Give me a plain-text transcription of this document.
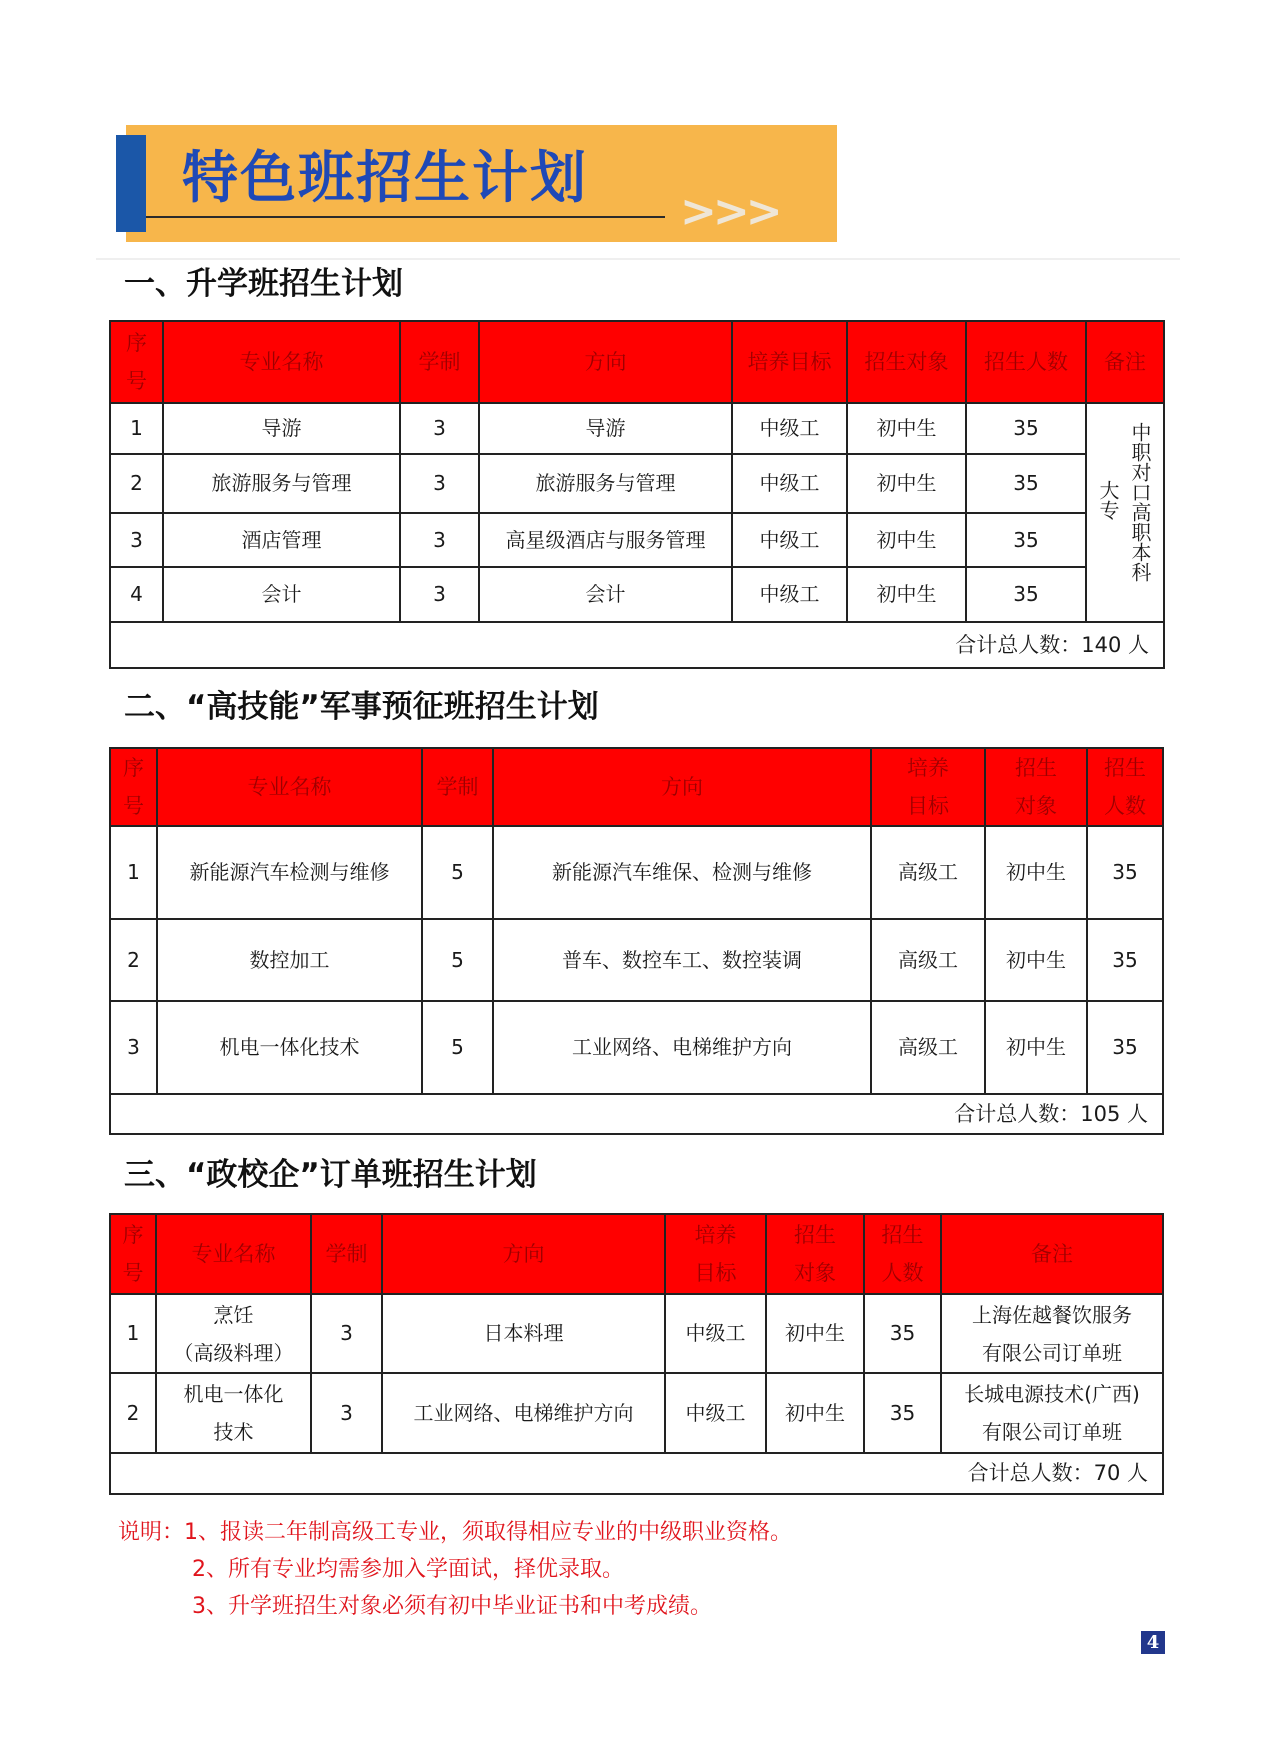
特色班招生计划
>>>
一、升学班招生计划
序
号	专业名称	学制	方向	培养目标	招生对象	招生人数	备注
1	导游	3	导游	中级工	初中生	35	大专 中职对口高职本科

2	旅游服务与管理	3	旅游服务与管理	中级工	初中生	35	
3	酒店管理	3	高星级酒店与服务管理	中级工	初中生	35	
4	会计	3	会计	中级工	初中生	35	
合计总人数：140 人							
二、“高技能”军事预征班招生计划
序
号	专业名称	学制	方向	培养
目标	招生
对象	招生
人数

1	新能源汽车检测与维修	5	新能源汽车维保、检测与维修	高级工	初中生	35
2	数控加工	5	普车、数控车工、数控装调	高级工	初中生	35
3	机电一体化技术	5	工业网络、电梯维护方向	高级工	初中生	35
合计总人数：105 人						
三、“政校企”订单班招生计划
序
号	专业名称	学制	方向	培养
目标	招生
对象	招生
人数	备注
1	烹饪
（高级料理）	3	日本料理	中级工	初中生	35	上海佐越餐饮服务
有限公司订单班

2	机电一体化
技术	3	工业网络、电梯维护方向	中级工	初中生	35	长城电源技术(广西)
有限公司订单班

合计总人数：70 人							
说明：1、报读二年制高级工专业，须取得相应专业的中级职业资格。
2、所有专业均需参加入学面试，择优录取。
3、升学班招生对象必须有初中毕业证书和中考成绩。
4
